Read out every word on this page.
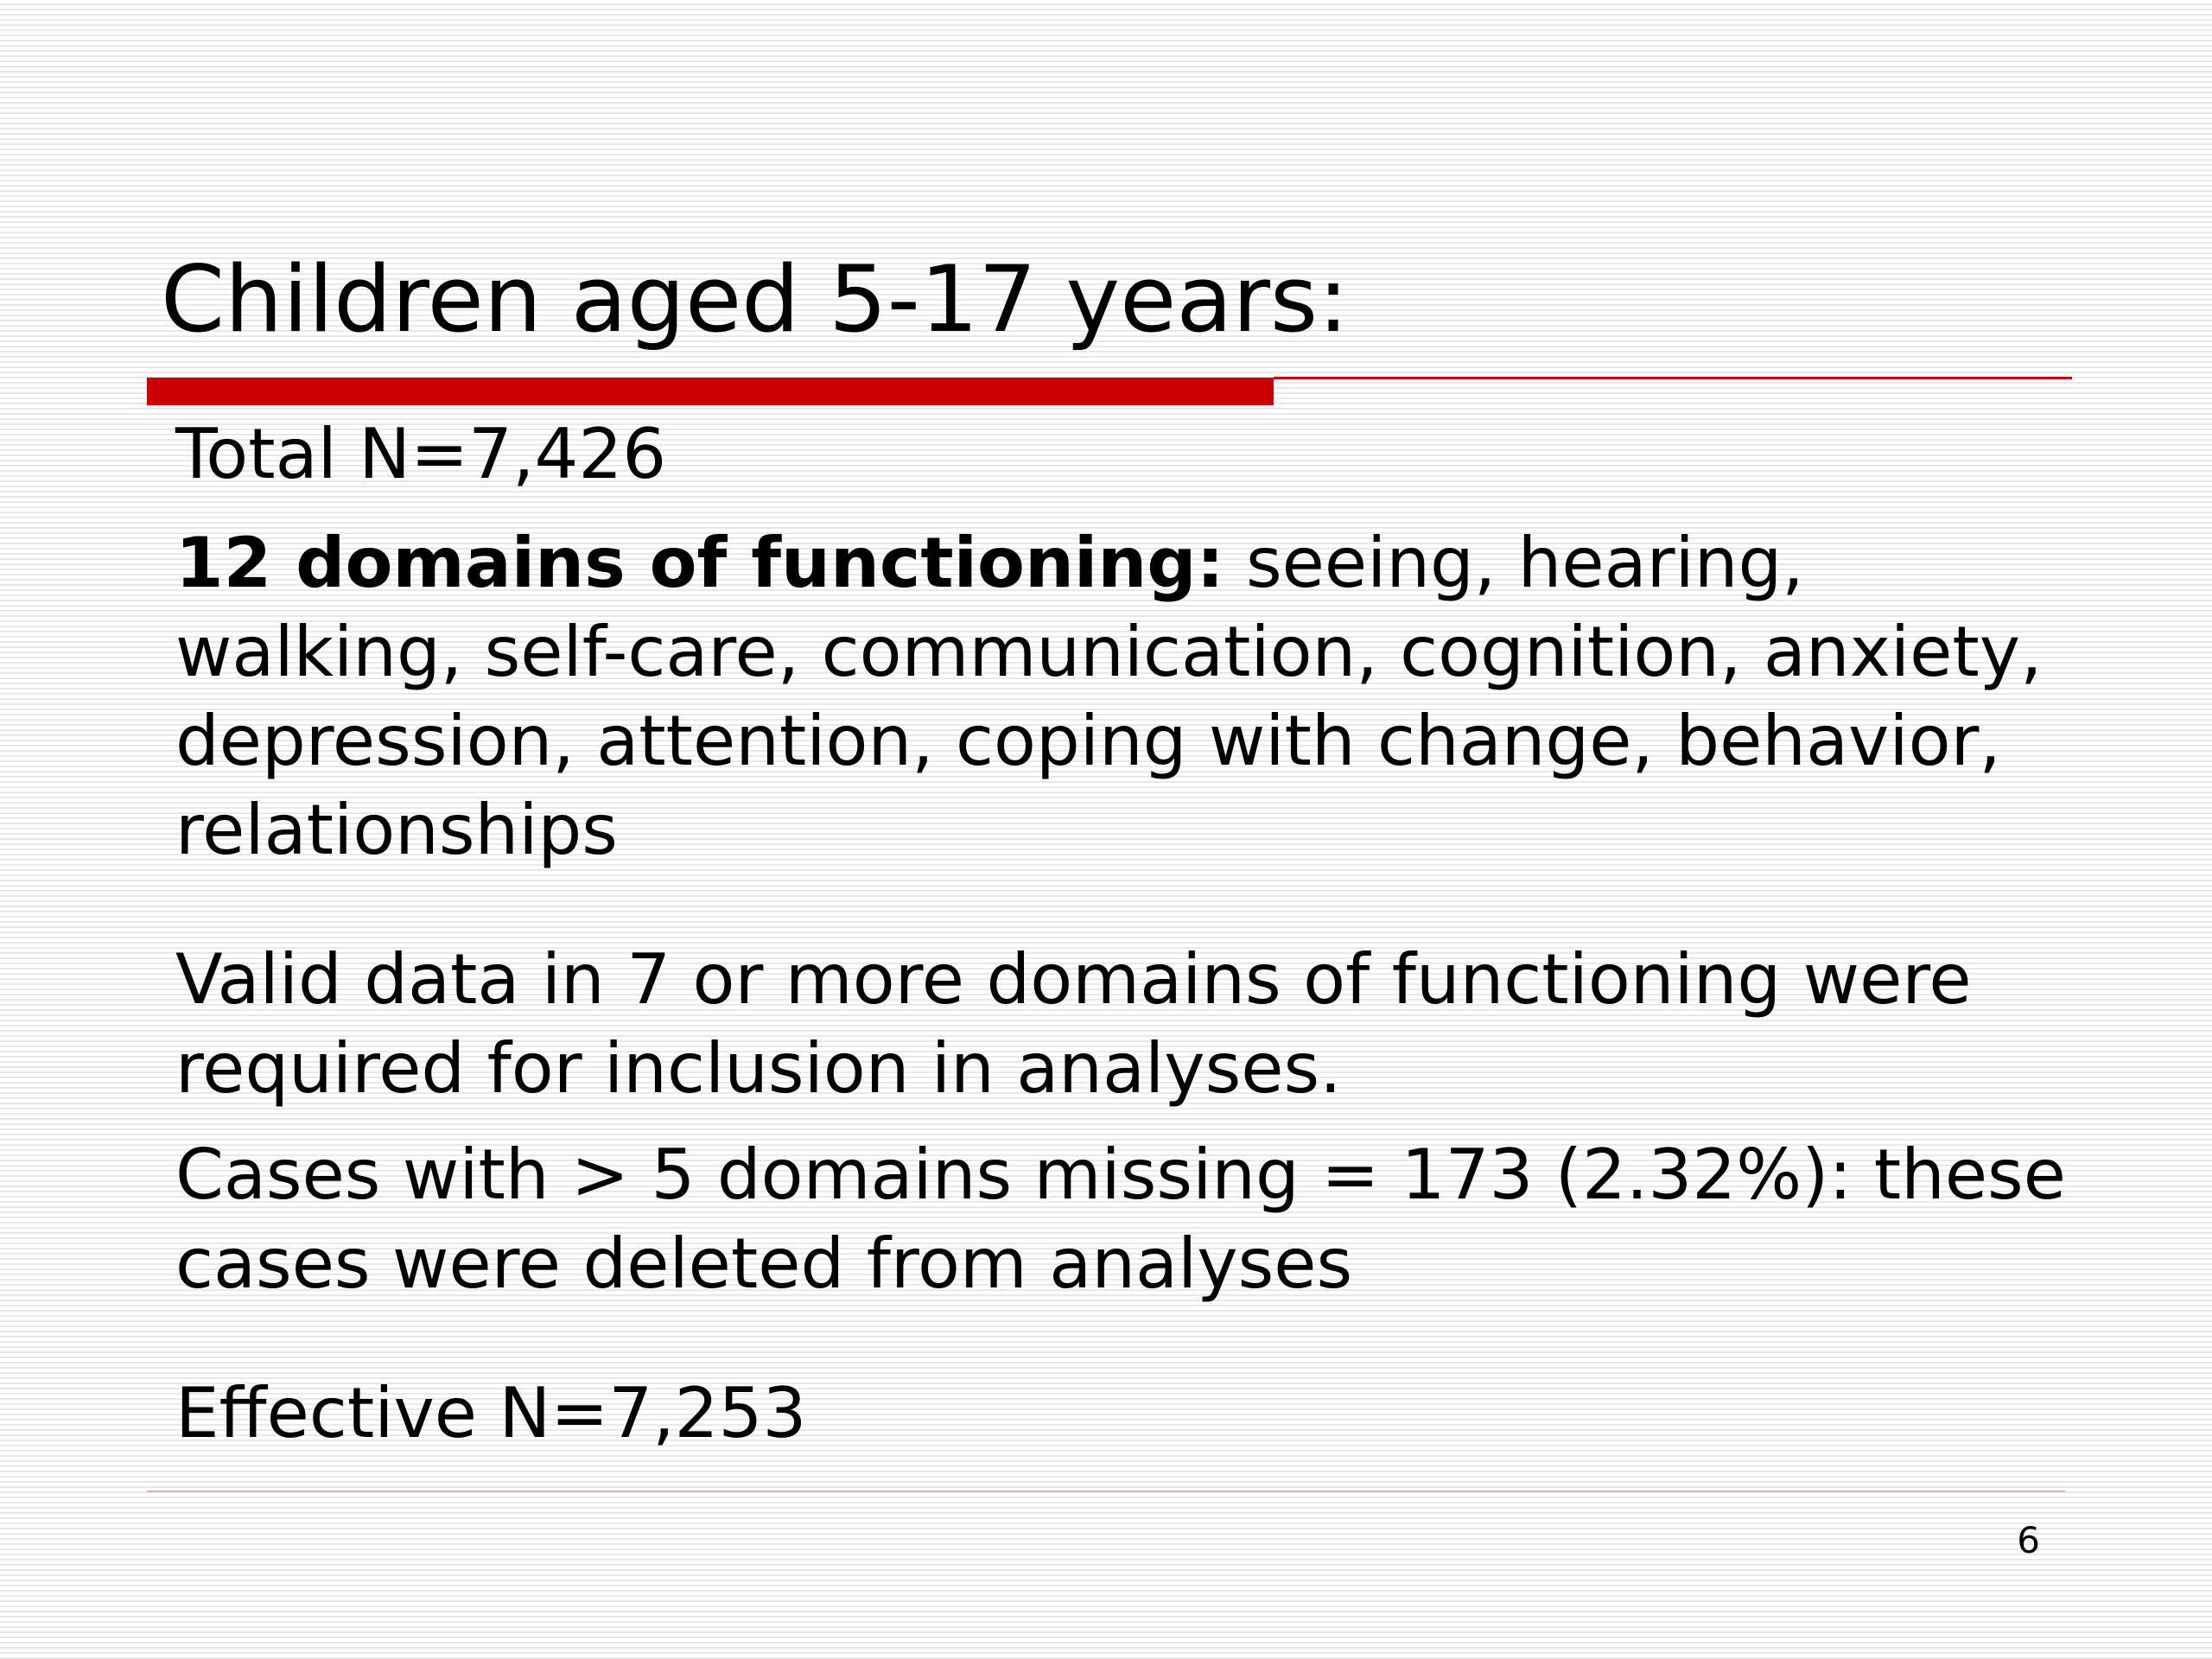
Children aged 5-17 years:

Total N=7,426

12 domains of functioning: seeing, hearing, walking, self-care, communication, cognition, anxiety, depression, attention, coping with change, behavior, relationships

Valid data in 7 or more domains of functioning were required for inclusion in analyses.

Cases with > 5 domains missing = 173 (2.32%): these cases were deleted from analyses

Effective N=7,253

6
